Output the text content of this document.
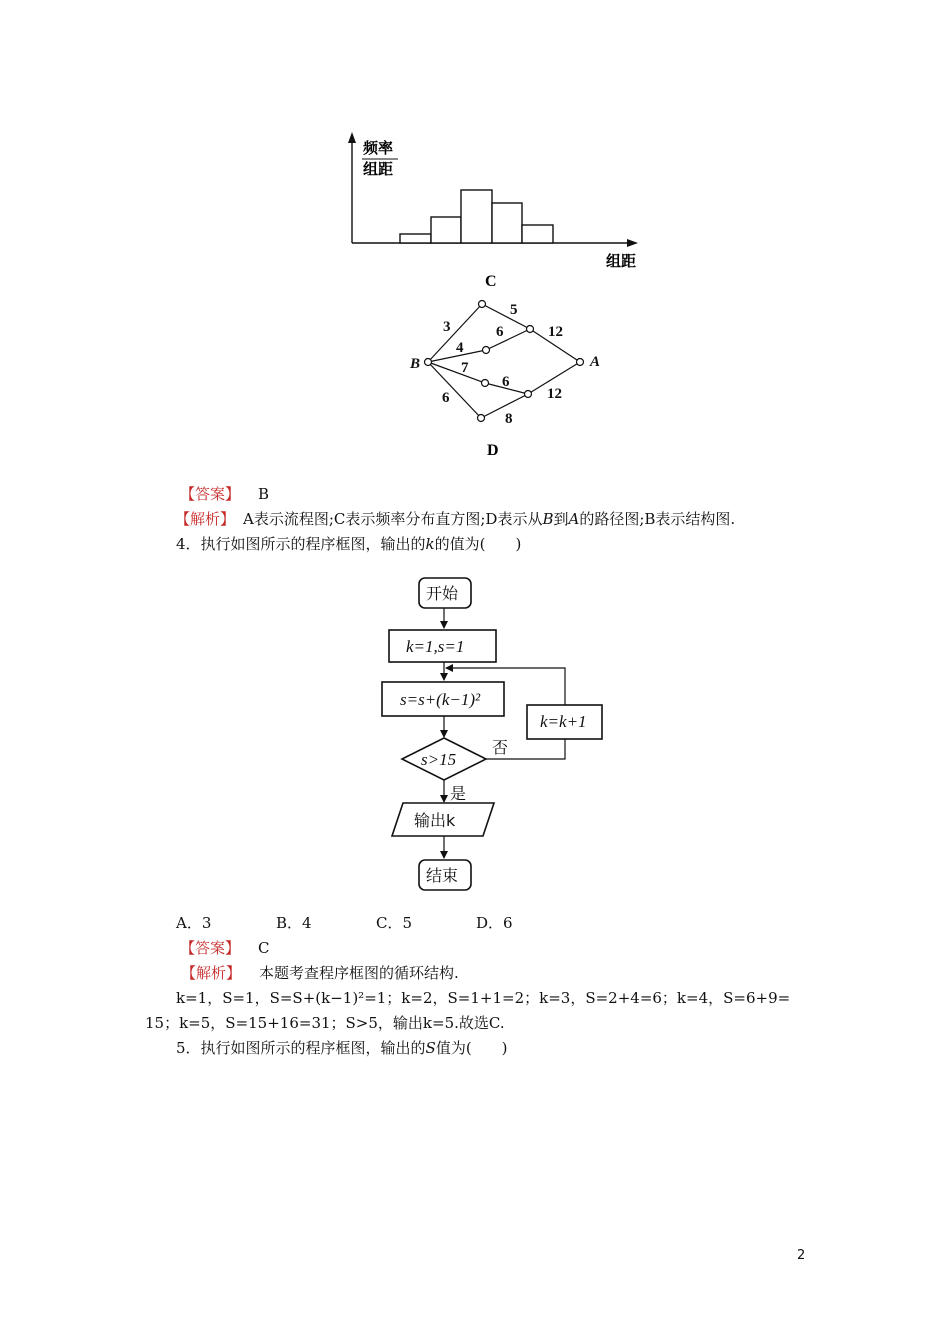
频率
组距
组距
C
3
5
4
6	12
7
6
6
8
12
B	A
D
【答案】 B
【解析】 A表示流程图;C表示频率分布直方图;D表示从B到A的路径图;B表示结构图.
4．执行如图所示的程序框图，输出的k的值为(　　)
开始
k=1,s=1
s=s+(k−1)²
s>15
k=k+1
否
是
输出k
结束
A．3	B．4	C．5	D．6
【答案】 C
【解析】 本题考查程序框图的循环结构.
k=1，S=1，S=S+(k−1)²=1；k=2，S=1+1=2；k=3，S=2+4=6；k=4，S=6+9=
15；k=5，S=15+16=31；S>5，输出k=5.故选C.
5．执行如图所示的程序框图，输出的S值为(　　)
2
